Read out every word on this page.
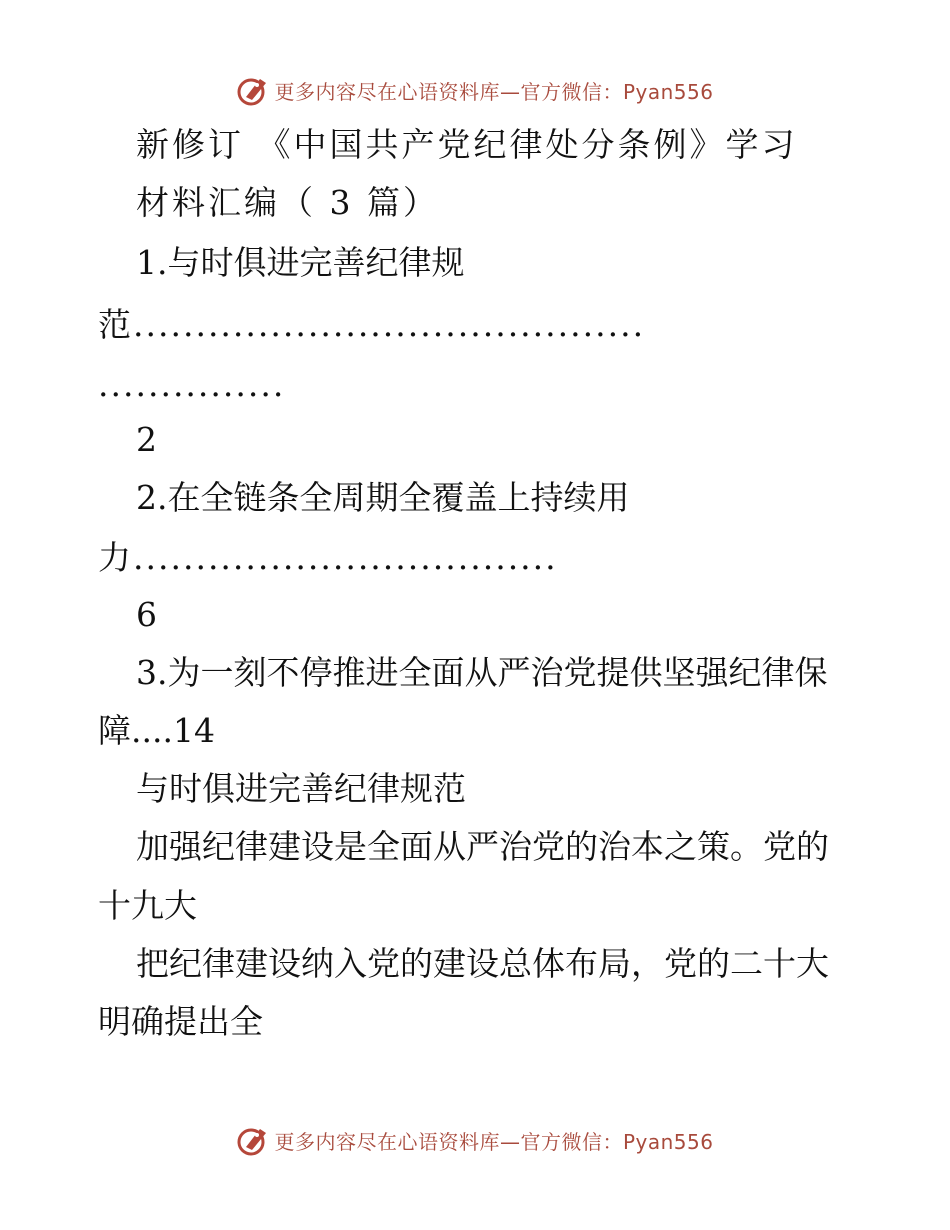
更多内容尽在心语资料库—官方微信：Pyan556
新修订 《中国共产党纪律处分条例》学习
材料汇编（ 3 篇）
1.与时俱进完善纪律规
范.........................................
...............
2
2.在全链条全周期全覆盖上持续用
力..................................
6
3.为一刻不停推进全面从严治党提供坚强纪律保
障....14
与时俱进完善纪律规范
加强纪律建设是全面从严治党的治本之策。党的
十九大
把纪律建设纳入党的建设总体布局，党的二十大
明确提出全
更多内容尽在心语资料库—官方微信：Pyan556
